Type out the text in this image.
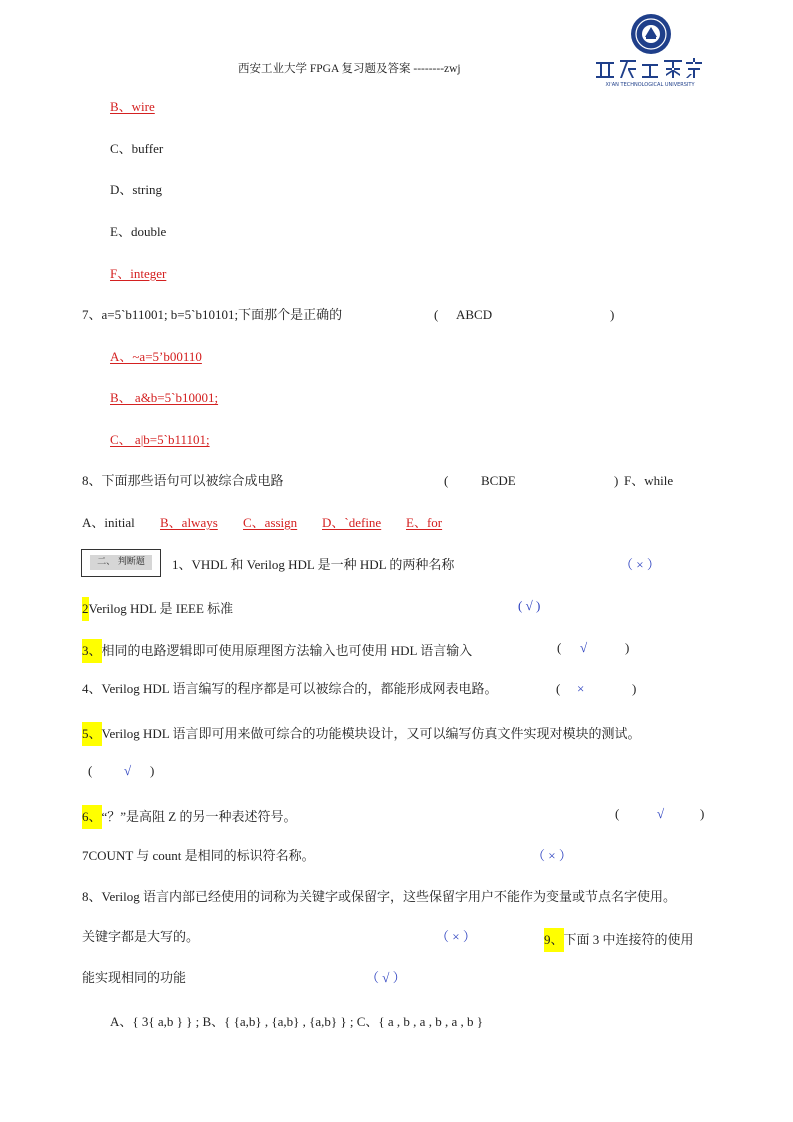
西安工业大学 FPGA 复习题及答案 --------zwj
XI'AN TECHNOLOGICAL UNIVERSITY
B、wire
C、buffer
D、string
E、double
F、integer
7、a=5`b11001; b=5`b10101;下面那个是正确的	( ABCD	)
A、~a=5’b00110
B、 a&b=5`b10001;
C、 a|b=5`b11101;
8、下面那些语句可以被综合成电路	(	BCDE	) F、while
A、initial B、always C、assign D、`define E、for
二、 判断题	1、VHDL 和 Verilog HDL 是一种 HDL 的两种名称	（ × ）
2Verilog HDL 是 IEEE 标准	( √ )
3、相同的电路逻辑即可使用原理图方法输入也可使用 HDL 语言输入	( √	)
4、Verilog HDL 语言编写的程序都是可以被综合的，都能形成网表电路。	( ×	)
5、Verilog HDL 语言即可用来做可综合的功能模块设计，又可以编写仿真文件实现对模块的测试。
( √ )
6、“？”是高阻 Z 的另一种表述符号。	(	√	)
7COUNT 与 count 是相同的标识符名称。	（ × ）
8、Verilog 语言内部已经使用的词称为关键字或保留字，这些保留字用户不能作为变量或节点名字使用。
关键字都是大写的。	（ × ）	9、下面 3 中连接符的使用
能实现相同的功能	（ √ ）
A、{ 3{ a,b } } ; B、{ {a,b} , {a,b} , {a,b} } ; C、{ a , b , a , b , a , b }
